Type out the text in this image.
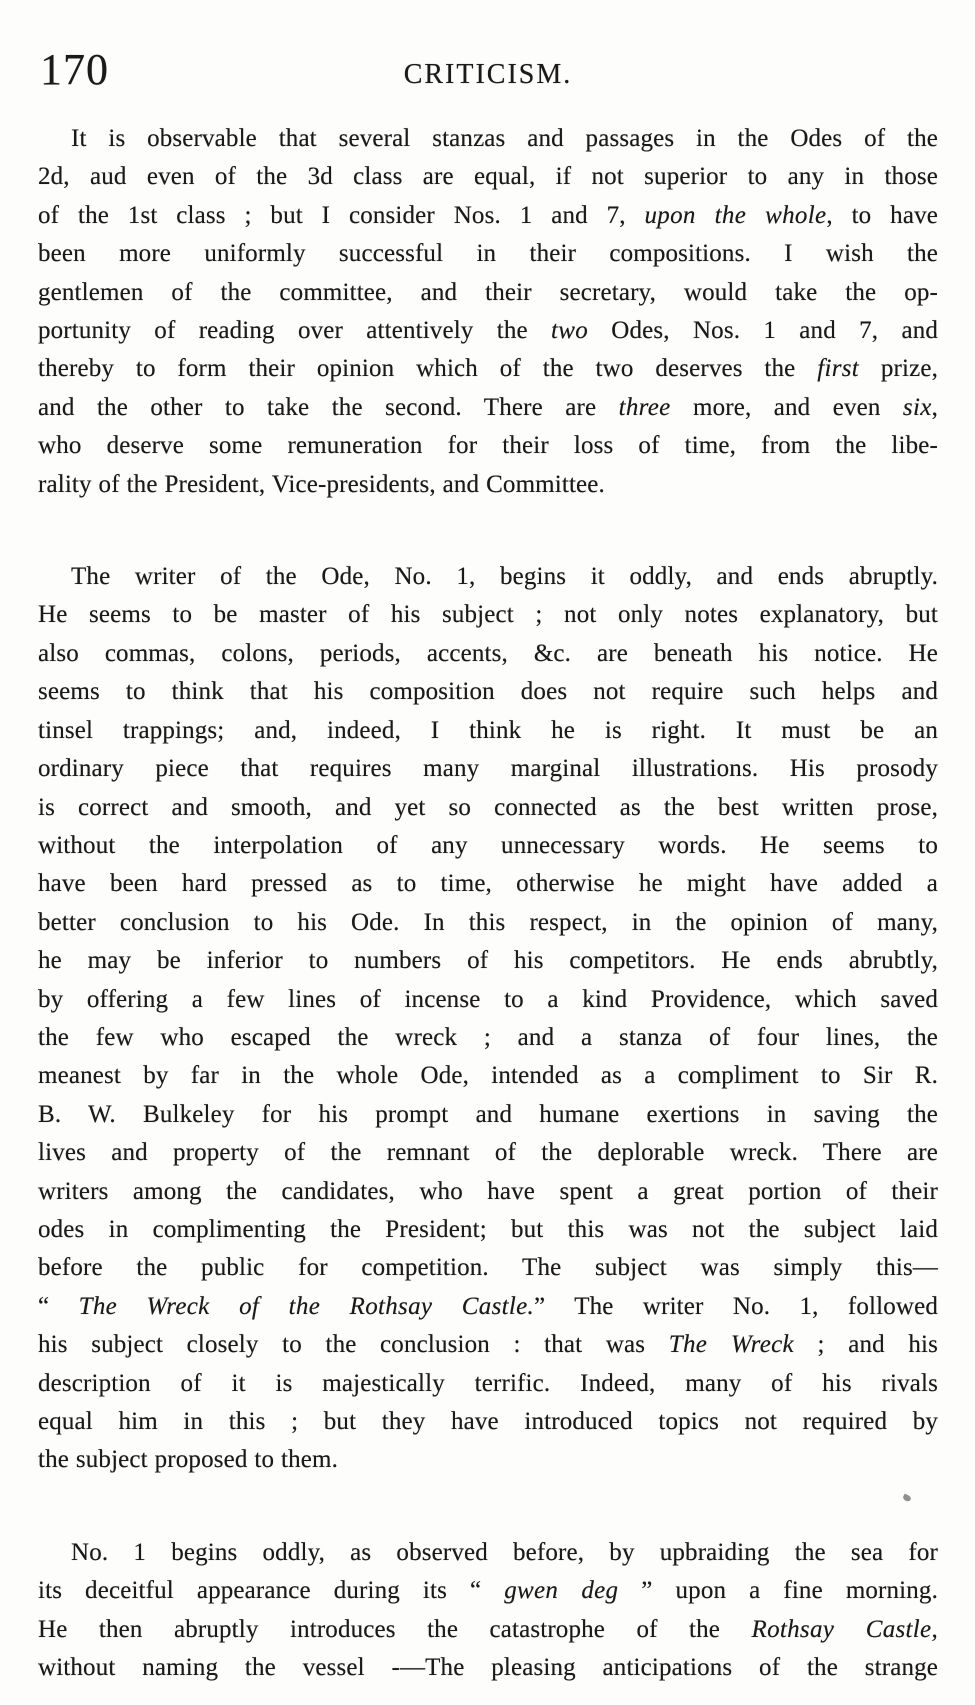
170	CRITICISM.
It is observable that several stanzas and passages in the Odes of the
2d, aud even of the 3d class are equal, if not superior to any in those
of the 1st class ; but I consider Nos. 1 and 7, upon the whole, to have
been more uniformly successful in their compositions. I wish the
gentlemen of the committee, and their secretary, would take the op-
portunity of reading over attentively the two Odes, Nos. 1 and 7, and
thereby to form their opinion which of the two deserves the first prize,
and the other to take the second. There are three more, and even six,
who deserve some remuneration for their loss of time, from the libe-
rality of the President, Vice-presidents, and Committee.
The writer of the Ode, No. 1, begins it oddly, and ends abruptly.
He seems to be master of his subject ; not only notes explanatory, but
also commas, colons, periods, accents, &c. are beneath his notice. He
seems to think that his composition does not require such helps and
tinsel trappings; and, indeed, I think he is right. It must be an
ordinary piece that requires many marginal illustrations. His prosody
is correct and smooth, and yet so connected as the best written prose,
without the interpolation of any unnecessary words. He seems to
have been hard pressed as to time, otherwise he might have added a
better conclusion to his Ode. In this respect, in the opinion of many,
he may be inferior to numbers of his competitors. He ends abrubtly,
by offering a few lines of incense to a kind Providence, which saved
the few who escaped the wreck ; and a stanza of four lines, the
meanest by far in the whole Ode, intended as a compliment to Sir R.
B. W. Bulkeley for his prompt and humane exertions in saving the
lives and property of the remnant of the deplorable wreck. There are
writers among the candidates, who have spent a great portion of their
odes in complimenting the President; but this was not the subject laid
before the public for competition. The subject was simply this—
“ The Wreck of the Rothsay Castle.” The writer No. 1, followed
his subject closely to the conclusion : that was The Wreck ; and his
description of it is majestically terrific. Indeed, many of his rivals
equal him in this ; but they have introduced topics not required by
the subject proposed to them.
No. 1 begins oddly, as observed before, by upbraiding the sea for
its deceitful appearance during its “ gwen deg ” upon a fine morning.
He then abruptly introduces the catastrophe of the Rothsay Castle,
without naming the vessel -—The pleasing anticipations of the strange
